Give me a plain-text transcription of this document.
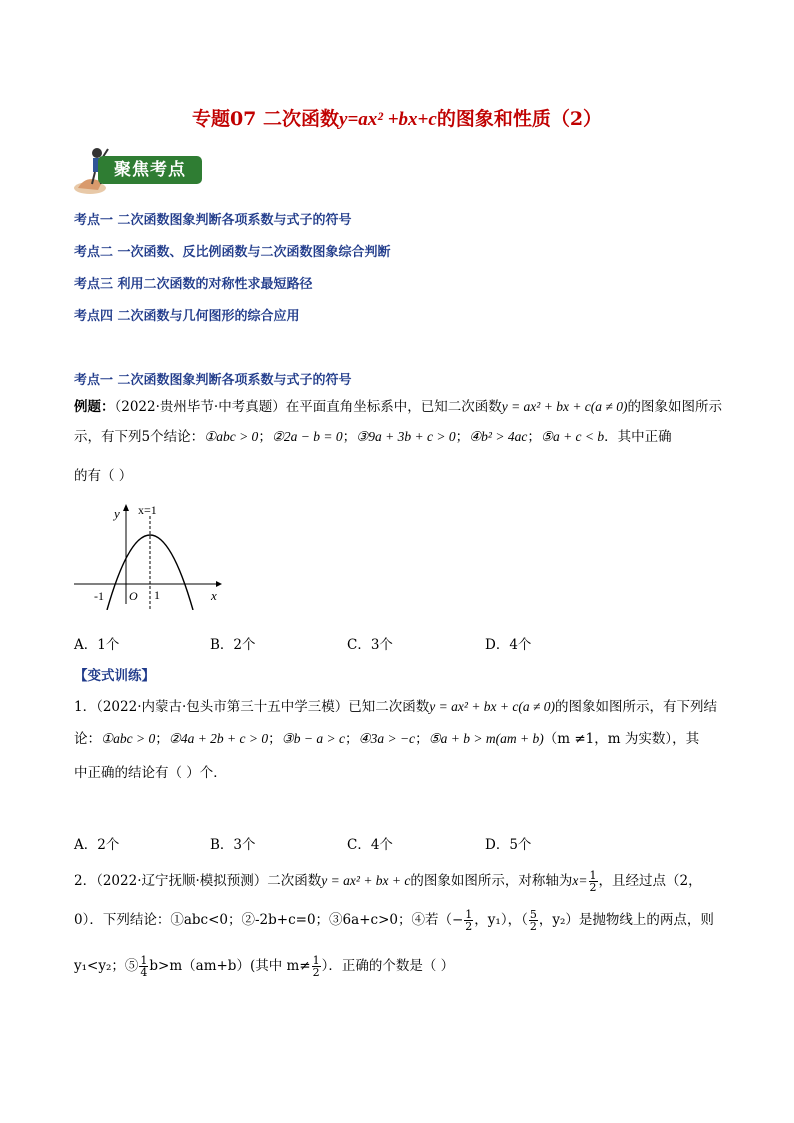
专题07 二次函数y=ax² +bx+c的图象和性质（2）
聚焦考点
考点一 二次函数图象判断各项系数与式子的符号
考点二 一次函数、反比例函数与二次函数图象综合判断
考点三 利用二次函数的对称性求最短路径
考点四 二次函数与几何图形的综合应用
考点一 二次函数图象判断各项系数与式子的符号
例题：（2022·贵州毕节·中考真题）在平面直角坐标系中，已知二次函数y = ax² + bx + c(a ≠ 0)的图象如图所示
示，有下列5个结论：①abc > 0；②2a − b = 0；③9a + 3b + c > 0；④b² > 4ac；⑤a + c < b．其中正确
的有（ ）
y
x
O
x=1
-1	1
A．1个	B．2个	C．3个	D．4个
【变式训练】
1．（2022·内蒙古·包头市第三十五中学三模）已知二次函数y = ax² + bx + c(a ≠ 0)的图象如图所示，有下列结
论：①abc > 0；②4a + 2b + c > 0；③b − a > c；④3a > −c；⑤a + b > m(am + b)（m ≠1，m 为实数），其
中正确的结论有（ ）个．
A．2个	B．3个	C．4个	D．5个
2．（2022·辽宁抚顺·模拟预测）二次函数y = ax² + bx + c的图象如图所示，对称轴为$x= \frac{1}{2}$ ，且经过点（2，
0）．下列结论：①abc<0；②-2b+c=0；③6a+c>0；④若（− $\frac{1}{2}$ ，y₁），（ $\frac{5}{2}$ ，y₂）是抛物线上的两点，则
y₁<y₂；⑤ $\frac{1}{4} b>m(am+b)$(其中 $m\ne \frac{1}{2}$ ）．正确的个数是（ ）
